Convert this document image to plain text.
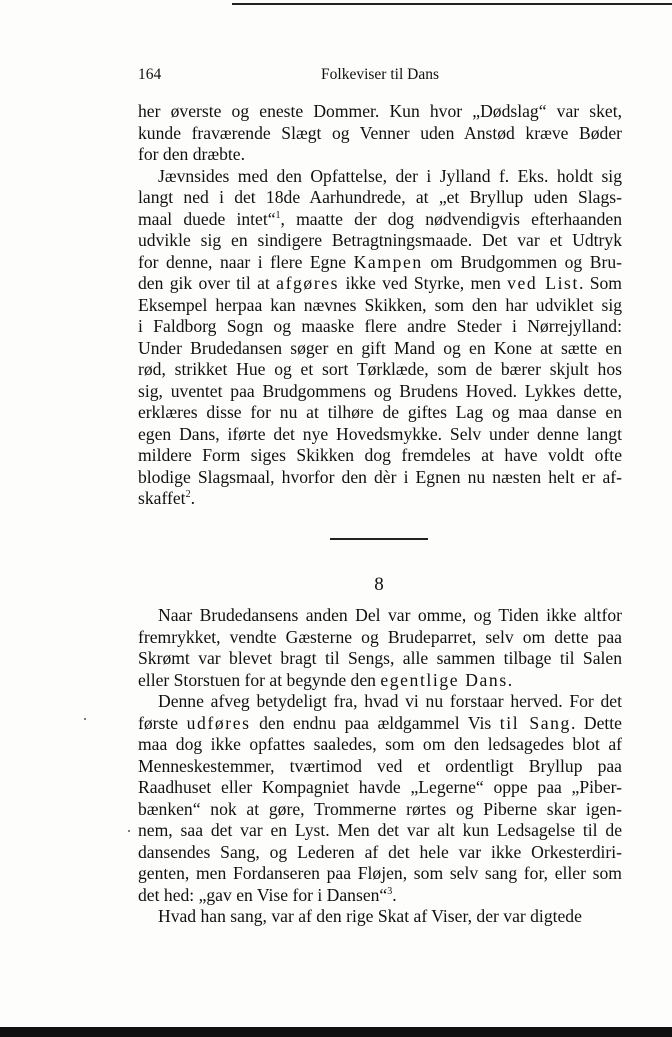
164	Folkeviser til Dans
her øverste og eneste Dommer. Kun hvor „Dødslag“ var sket,
kunde fraværende Slægt og Venner uden Anstød kræve Bøder
for den dræbte.
Jævnsides med den Opfattelse, der i Jylland f. Eks. holdt sig
langt ned i det 18de Aarhundrede, at „et Bryllup uden Slags-
maal duede intet“$^1$, maatte der dog nødvendigvis efterhaanden
udvikle sig en sindigere Betragtningsmaade. Det var et Udtryk
for denne, naar i flere Egne Kampen om Brudgommen og Bru-
den gik over til at afgøres ikke ved Styrke, men ved List. Som
Eksempel herpaa kan nævnes Skikken, som den har udviklet sig
i Faldborg Sogn og maaske flere andre Steder i Nørrejylland:
Under Brudedansen søger en gift Mand og en Kone at sætte en
rød, strikket Hue og et sort Tørklæde, som de bærer skjult hos
sig, uventet paa Brudgommens og Brudens Hoved. Lykkes dette,
erklæres disse for nu at tilhøre de giftes Lag og maa danse en
egen Dans, iførte det nye Hovedsmykke. Selv under denne langt
mildere Form siges Skikken dog fremdeles at have voldt ofte
blodige Slagsmaal, hvorfor den dèr i Egnen nu næsten helt er af-
skaffet$^2$.
8
Naar Brudedansens anden Del var omme, og Tiden ikke altfor
fremrykket, vendte Gæsterne og Brudeparret, selv om dette paa
Skrømt var blevet bragt til Sengs, alle sammen tilbage til Salen
eller Storstuen for at begynde den egentlige Dans.
Denne afveg betydeligt fra, hvad vi nu forstaar herved. For det
første udføres den endnu paa ældgammel Vis til Sang. Dette
maa dog ikke opfattes saaledes, som om den ledsagedes blot af
Menneskestemmer, tværtimod ved et ordentligt Bryllup paa
Raadhuset eller Kompagniet havde „Legerne“ oppe paa „Piber-
bænken“ nok at gøre, Trommerne rørtes og Piberne skar igen-
nem, saa det var en Lyst. Men det var alt kun Ledsagelse til de
dansendes Sang, og Lederen af det hele var ikke Orkesterdiri-
genten, men Fordanseren paa Fløjen, som selv sang for, eller som
det hed: „gav en Vise for i Dansen“$^3$.
Hvad han sang, var af den rige Skat af Viser, der var digtede
